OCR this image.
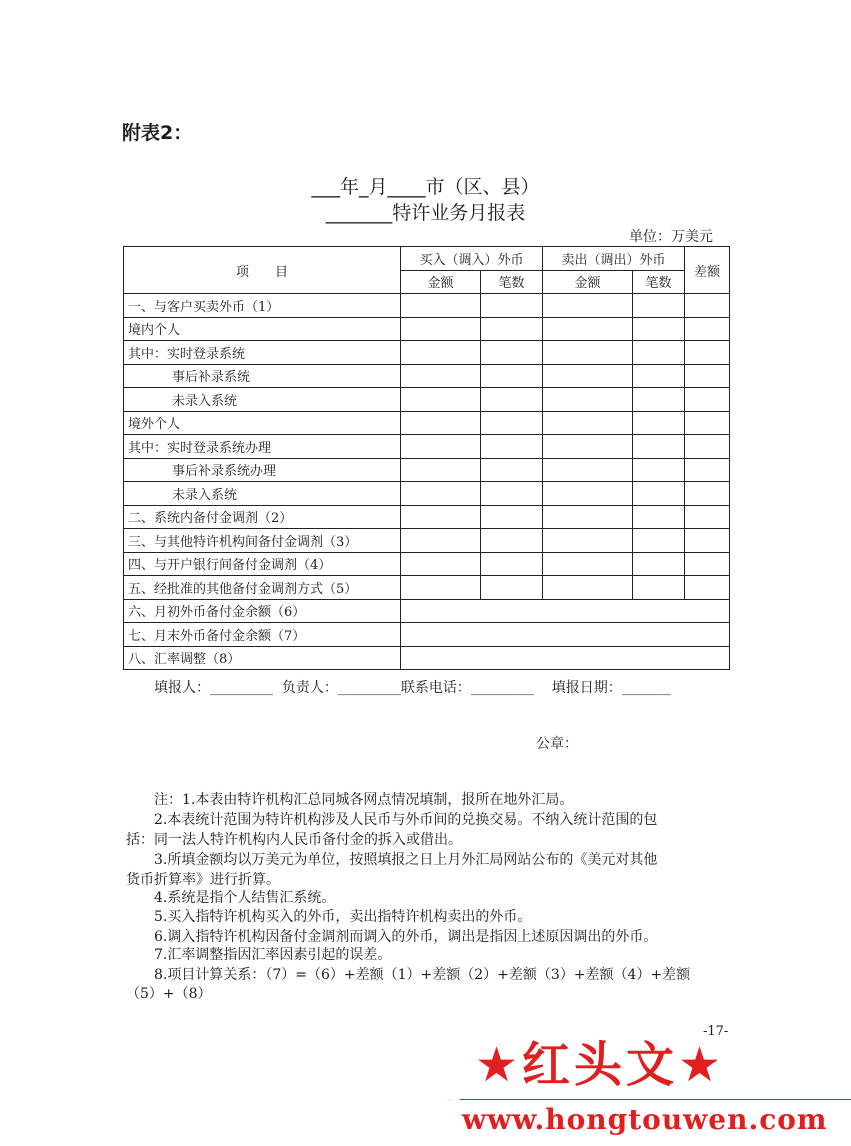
附表2：
___年_月____市（区、县）
_______特许业务月报表
单位：万美元
项　　目	买入（调入）外币		卖出（调出）外币		差额
	金额	笔数	金额	笔数	
一、与客户买卖外币（1）					
境内个人					
其中：实时登录系统					
事后补录系统					
未录入系统					
境外个人					
其中：实时登录系统办理					
事后补录系统办理					
未录入系统					
二、系统内备付金调剂（2）					
三、与其他特许机构间备付金调剂（3）					
四、与开户银行间备付金调剂（4）					
五、经批准的其他备付金调剂方式（5）					
六、月初外币备付金余额（6）					
七、月末外币备付金余额（7）					
八、汇率调整（8）					
填报人：_________  负责人：_________联系电话：_________    填报日期：_______
公章：
注：1.本表由特许机构汇总同城各网点情况填制，报所在地外汇局。
2.本表统计范围为特许机构涉及人民币与外币间的兑换交易。不纳入统计范围的包
括：同一法人特许机构内人民币备付金的拆入或借出。
3.所填金额均以万美元为单位，按照填报之日上月外汇局网站公布的《美元对其他
货币折算率》进行折算。
4.系统是指个人结售汇系统。
5.买入指特许机构买入的外币，卖出指特许机构卖出的外币。
6.调入指特许机构因备付金调剂而调入的外币，调出是指因上述原因调出的外币。
7.汇率调整指因汇率因素引起的误差。
8.项目计算关系：（7）=（6）+差额（1）+差额（2）+差额（3）+差额（4）+差额
（5）+（8）
-17-
★红头文★
www.hongtouwen.com
